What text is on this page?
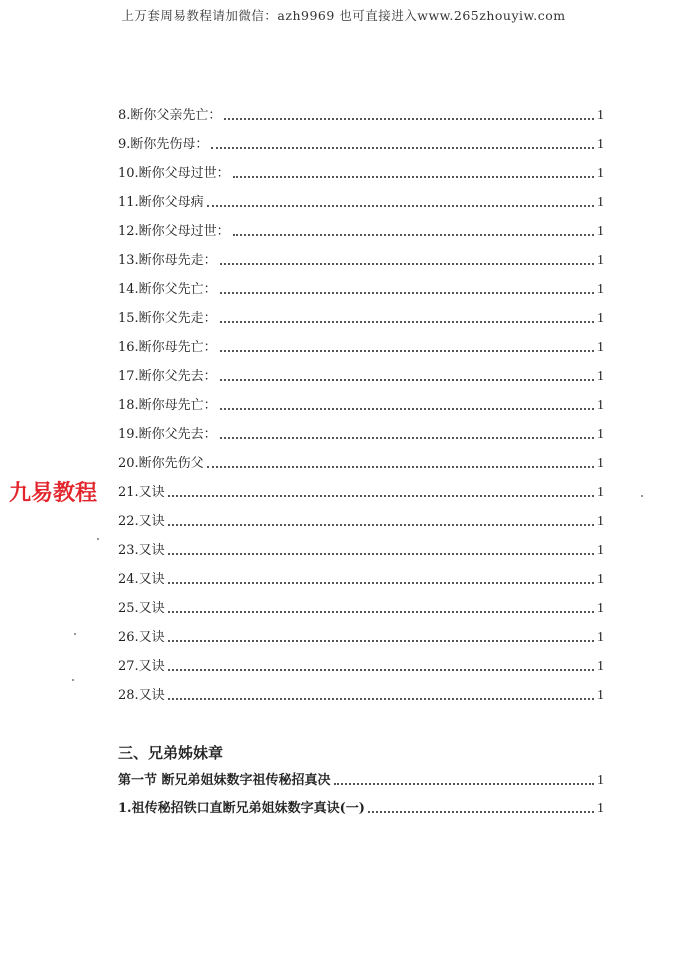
上万套周易教程请加微信：azh9969 也可直接进入www.265zhouyiw.com
8.断你父亲先亡：	1
9.断你先伤母：	1
10.断你父母过世：	1
11.断你父母病	1
12.断你父母过世：	1
13.断你母先走：	1
14.断你父先亡：	1
15.断你父先走：	1
16.断你母先亡：	1
17.断你父先去：	1
18.断你母先亡：	1
19.断你父先去：	1
20.断你先伤父	1
21.又诀	1
22.又诀	1
23.又诀	1
24.又诀	1
25.又诀	1
26.又诀	1
27.又诀	1
28.又诀	1
三、兄弟姊妹章
第一节 断兄弟姐妹数字祖传秘招真决	1
1.祖传秘招铁口直断兄弟姐妹数字真诀(一)	1
九易教程
